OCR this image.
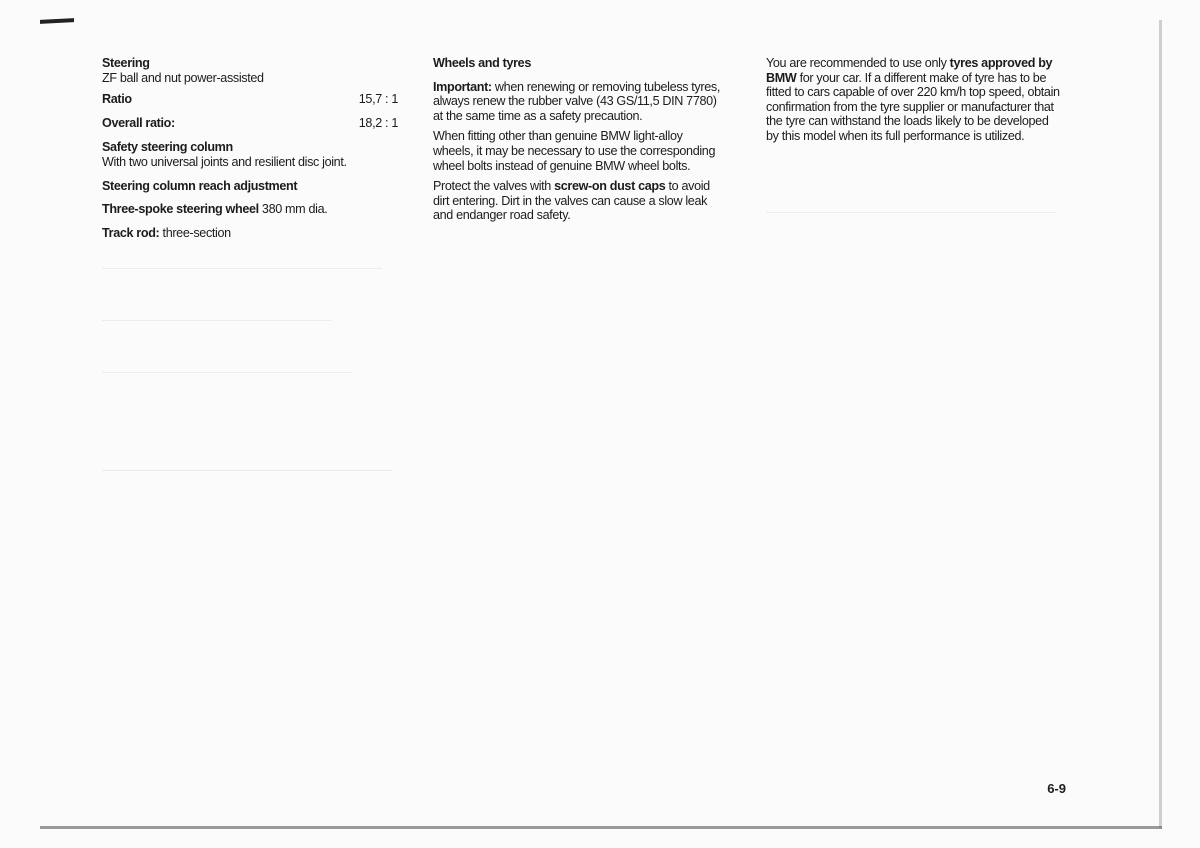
Steering
ZF ball and nut power-assisted
Ratio	15,7 : 1
Overall ratio:	18,2 : 1
Safety steering column
With two universal joints and resilient disc joint.
Steering column reach adjustment
Three-spoke steering wheel 380 mm dia.
Track rod: three-section
Wheels and tyres

Important: when renewing or removing tubeless tyres, always renew the rubber valve (43 GS/11,5 DIN 7780) at the same time as a safety precaution.

When fitting other than genuine BMW light-alloy wheels, it may be necessary to use the corresponding wheel bolts instead of genuine BMW wheel bolts.

Protect the valves with screw-on dust caps to avoid dirt entering. Dirt in the valves can cause a slow leak and endanger road safety.

You are recommended to use only tyres approved by BMW for your car. If a different make of tyre has to be fitted to cars capable of over 220 km/h top speed, obtain confirmation from the tyre supplier or manufacturer that the tyre can withstand the loads likely to be developed by this model when its full performance is utilized.

6-9
